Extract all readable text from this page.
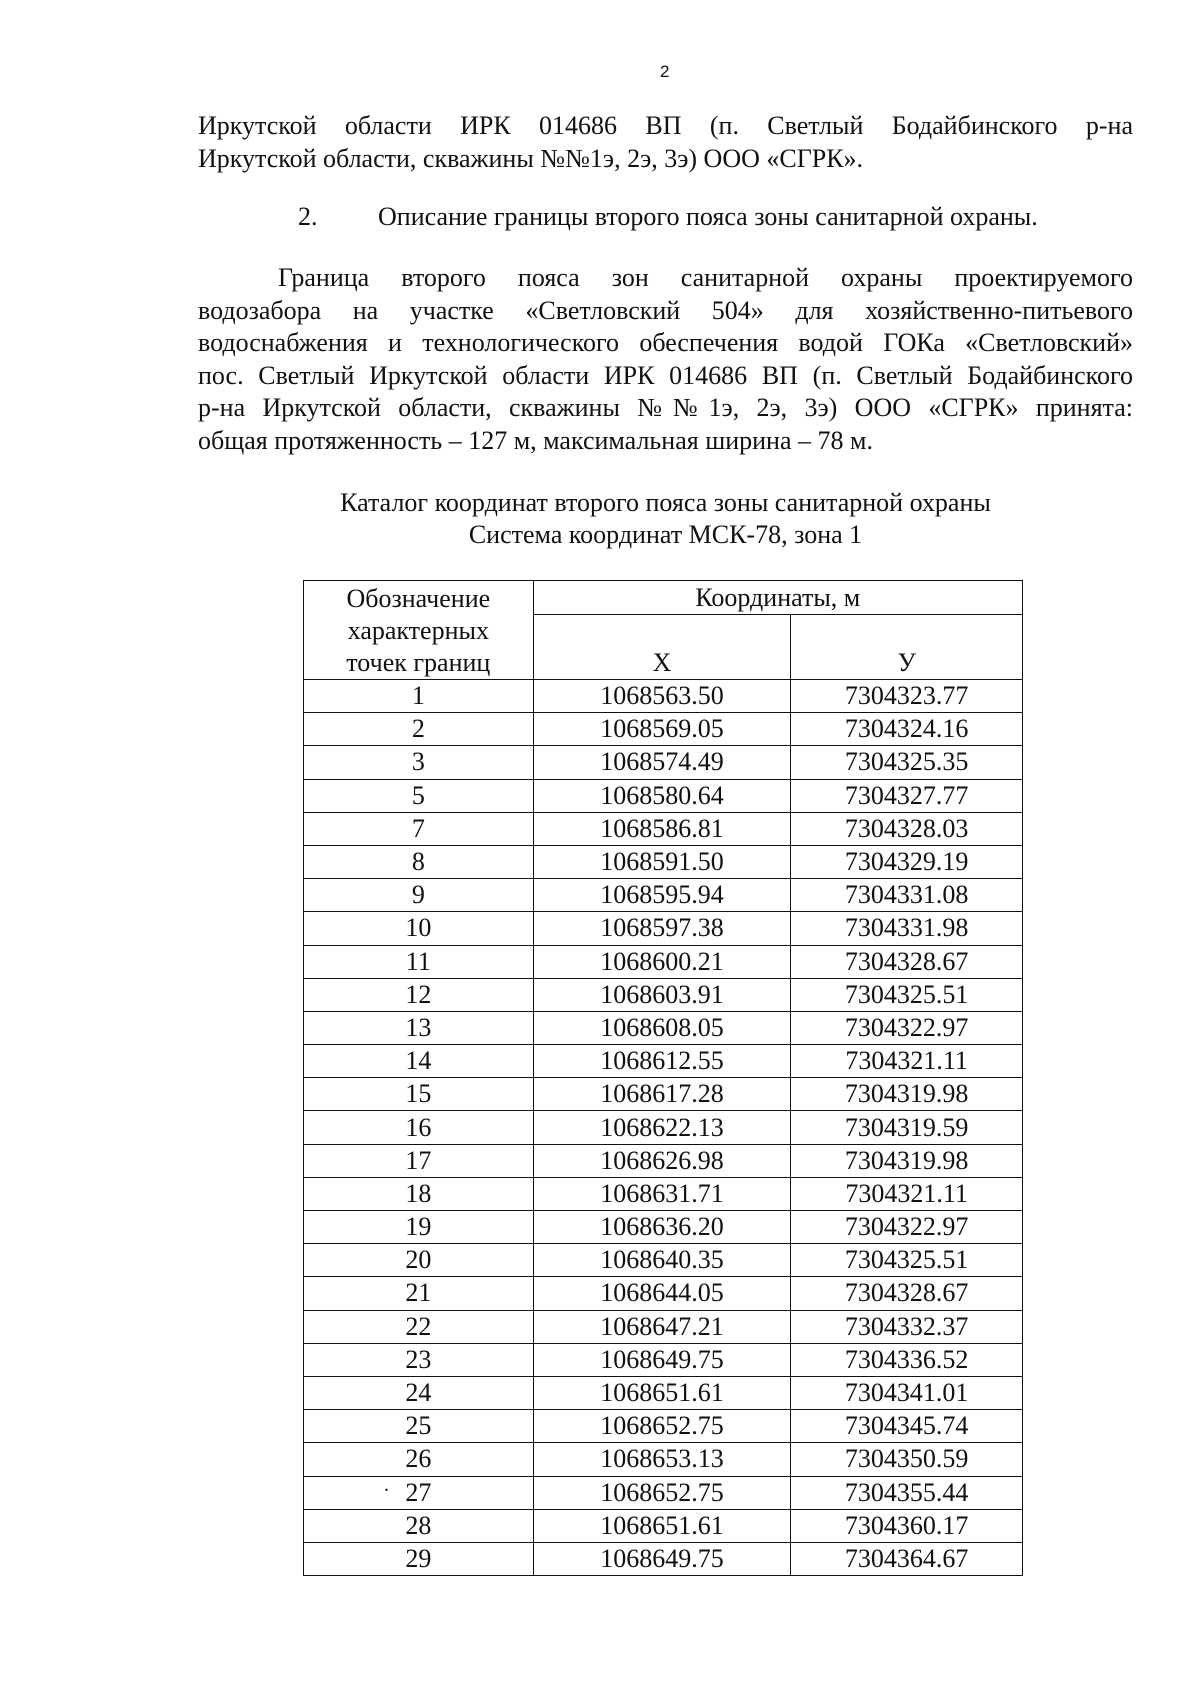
2
Иркутской области ИРК 014686 ВП (п. Светлый Бодайбинского р-на
Иркутской области, скважины №№1э, 2э, 3э) ООО «СГРК».
2. Описание границы второго пояса зоны санитарной охраны.
Граница второго пояса зон санитарной охраны проектируемого
водозабора на участке «Светловский 504» для хозяйственно-питьевого
водоснабжения и технологического обеспечения водой ГОКа «Светловский»
пос. Светлый Иркутской области ИРК 014686 ВП (п. Светлый Бодайбинского
р-на Иркутской области, скважины №№1э, 2э, 3э) ООО «СГРК» принята:
общая протяженность – 127 м, максимальная ширина – 78 м.
Каталог координат второго пояса зоны санитарной охраны
Система координат МСК-78, зона 1
Обозначение
характерных
точек границ	Координаты, м	
	Х	У
1	1068563.50	7304323.77
2	1068569.05	7304324.16
3	1068574.49	7304325.35
5	1068580.64	7304327.77
7	1068586.81	7304328.03
8	1068591.50	7304329.19
9	1068595.94	7304331.08
10	1068597.38	7304331.98
11	1068600.21	7304328.67
12	1068603.91	7304325.51
13	1068608.05	7304322.97
14	1068612.55	7304321.11
15	1068617.28	7304319.98
16	1068622.13	7304319.59
17	1068626.98	7304319.98
18	1068631.71	7304321.11
19	1068636.20	7304322.97
20	1068640.35	7304325.51
21	1068644.05	7304328.67
22	1068647.21	7304332.37
23	1068649.75	7304336.52
24	1068651.61	7304341.01
25	1068652.75	7304345.74
26	1068653.13	7304350.59
27	1068652.75	7304355.44
28	1068651.61	7304360.17
29	1068649.75	7304364.67
.
